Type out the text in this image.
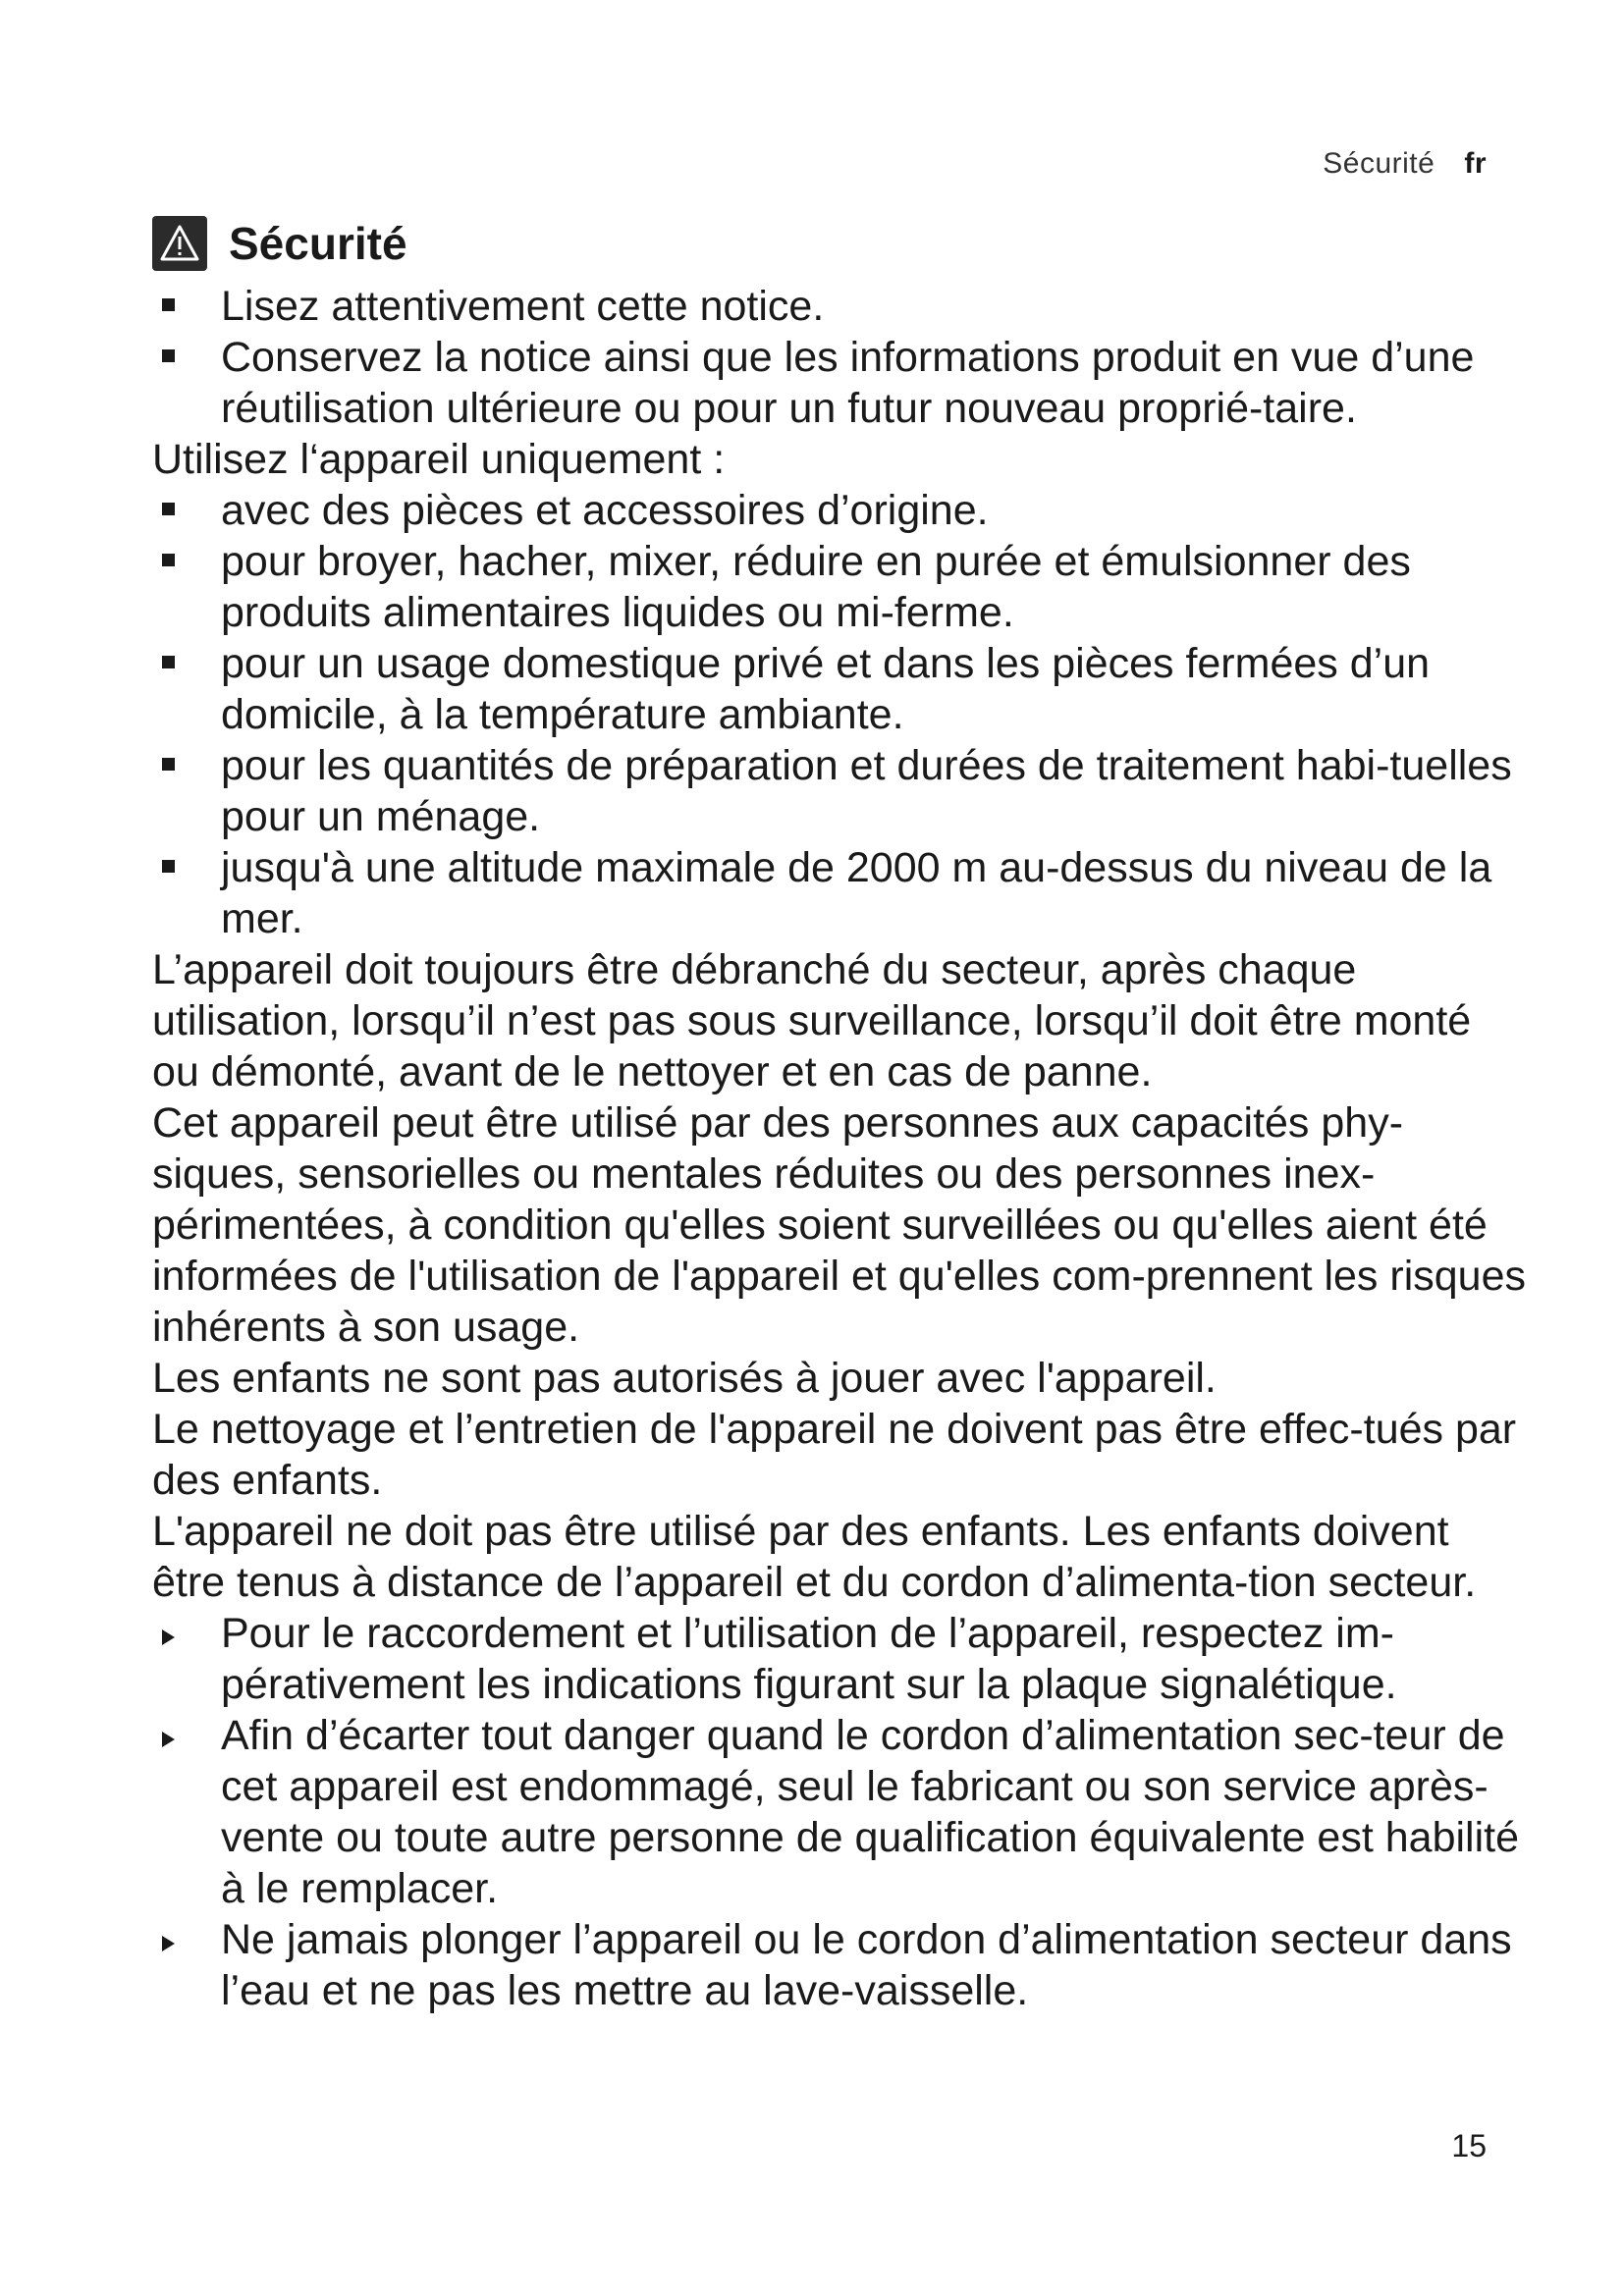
Sécurité fr
Sécurité
Lisez attentivement cette notice.
Conservez la notice ainsi que les informations produit en vue d’une réutilisation ultérieure ou pour un futur nouveau proprié-taire.
Utilisez l‘appareil uniquement :
avec des pièces et accessoires d’origine.
pour broyer, hacher, mixer, réduire en purée et émulsionner des produits alimentaires liquides ou mi-ferme.
pour un usage domestique privé et dans les pièces fermées d’un domicile, à la température ambiante.
pour les quantités de préparation et durées de traitement habi-tuelles pour un ménage.
jusqu'à une altitude maximale de 2000 m au-dessus du niveau de la mer.
L’appareil doit toujours être débranché du secteur, après chaque utilisation, lorsqu’il n’est pas sous surveillance, lorsqu’il doit être monté ou démonté, avant de le nettoyer et en cas de panne.
Cet appareil peut être utilisé par des personnes aux capacités phy-siques, sensorielles ou mentales réduites ou des personnes inex-périmentées, à condition qu'elles soient surveillées ou qu'elles aient été informées de l'utilisation de l'appareil et qu'elles com-prennent les risques inhérents à son usage.
Les enfants ne sont pas autorisés à jouer avec l'appareil.
Le nettoyage et l’entretien de l'appareil ne doivent pas être effec-tués par des enfants.
L'appareil ne doit pas être utilisé par des enfants. Les enfants doivent être tenus à distance de l’appareil et du cordon d’alimenta-tion secteur.
Pour le raccordement et l’utilisation de l’appareil, respectez im-pérativement les indications figurant sur la plaque signalétique.
Afin d’écarter tout danger quand le cordon d’alimentation sec-teur de cet appareil est endommagé, seul le fabricant ou son service après-vente ou toute autre personne de qualification équivalente est habilité à le remplacer.
Ne jamais plonger l’appareil ou le cordon d’alimentation secteur dans l’eau et ne pas les mettre au lave-vaisselle.
15
